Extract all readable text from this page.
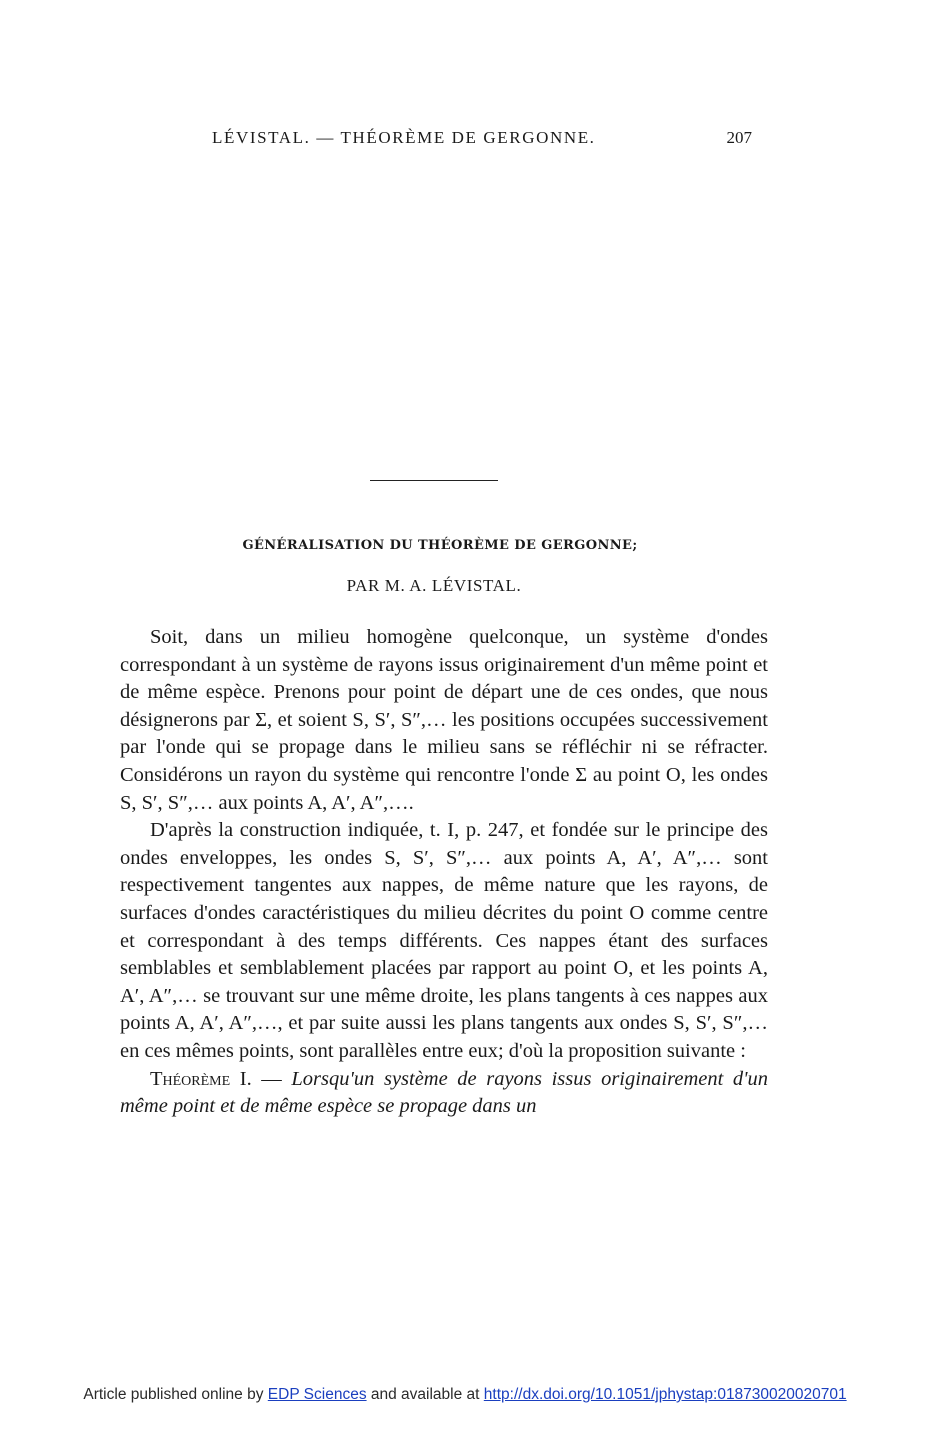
LÉVISTAL. — THÉORÈME DE GERGONNE.	207
GÉNÉRALISATION DU THÉORÈME DE GERGONNE;
PAR M. A. LÉVISTAL.

Soit, dans un milieu homogène quelconque, un système d'ondes correspondant à un système de rayons issus originairement d'un même point et de même espèce. Prenons pour point de départ une de ces ondes, que nous désignerons par Σ, et soient S, S′, S″,… les positions occupées successivement par l'onde qui se propage dans le milieu sans se réfléchir ni se réfracter. Considérons un rayon du système qui rencontre l'onde Σ au point O, les ondes S, S′, S″,… aux points A, A′, A″,….

D'après la construction indiquée, t. I, p. 247, et fondée sur le principe des ondes enveloppes, les ondes S, S′, S″,… aux points A, A′, A″,… sont respectivement tangentes aux nappes, de même nature que les rayons, de surfaces d'ondes caractéristiques du milieu décrites du point O comme centre et correspondant à des temps différents. Ces nappes étant des surfaces semblables et semblablement placées par rapport au point O, et les points A, A′, A″,… se trouvant sur une même droite, les plans tangents à ces nappes aux points A, A′, A″,…, et par suite aussi les plans tangents aux ondes S, S′, S″,… en ces mêmes points, sont parallèles entre eux; d'où la proposition suivante :

Théorème I. — Lorsqu'un système de rayons issus originairement d'un même point et de même espèce se propage dans un

Article published online by EDP Sciences and available at http://dx.doi.org/10.1051/jphystap:018730020020701
